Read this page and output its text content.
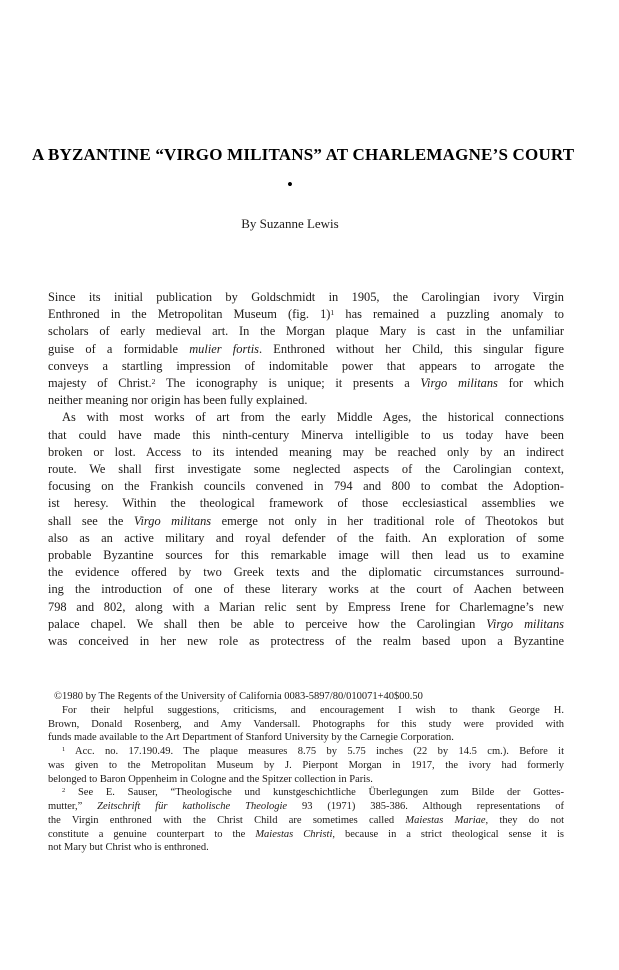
A BYZANTINE “VIRGO MILITANS” AT CHARLEMAGNE’S COURT
•
By Suzanne Lewis
Since its initial publication by Goldschmidt in 1905, the Carolingian ivory Virgin
Enthroned in the Metropolitan Museum (fig. 1)$^1$ has remained a puzzling anomaly to
scholars of early medieval art. In the Morgan plaque Mary is cast in the unfamiliar
guise of a formidable mulier fortis. Enthroned without her Child, this singular figure
conveys a startling impression of indomitable power that appears to arrogate the
majesty of Christ.$^2$ The iconography is unique; it presents a Virgo militans for which
neither meaning nor origin has been fully explained.
As with most works of art from the early Middle Ages, the historical connections
that could have made this ninth-century Minerva intelligible to us today have been
broken or lost. Access to its intended meaning may be reached only by an indirect
route. We shall first investigate some neglected aspects of the Carolingian context,
focusing on the Frankish councils convened in 794 and 800 to combat the Adoption-
ist heresy. Within the theological framework of those ecclesiastical assemblies we
shall see the Virgo militans emerge not only in her traditional role of Theotokos but
also as an active military and royal defender of the faith. An exploration of some
probable Byzantine sources for this remarkable image will then lead us to examine
the evidence offered by two Greek texts and the diplomatic circumstances surround-
ing the introduction of one of these literary works at the court of Aachen between
798 and 802, along with a Marian relic sent by Empress Irene for Charlemagne’s new
palace chapel. We shall then be able to perceive how the Carolingian Virgo militans
was conceived in her new role as protectress of the realm based upon a Byzantine
©1980 by The Regents of the University of California 0083-5897/80/010071+40$00.50
For their helpful suggestions, criticisms, and encouragement I wish to thank George H.
Brown, Donald Rosenberg, and Amy Vandersall. Photographs for this study were provided with
funds made available to the Art Department of Stanford University by the Carnegie Corporation.
$^1$ Acc. no. 17.190.49. The plaque measures 8.75 by 5.75 inches (22 by 14.5 cm.). Before it
was given to the Metropolitan Museum by J. Pierpont Morgan in 1917, the ivory had formerly
belonged to Baron Oppenheim in Cologne and the Spitzer collection in Paris.
$^2$ See E. Sauser, “Theologische und kunstgeschichtliche Überlegungen zum Bilde der Gottes-
mutter,” Zeitschrift für katholische Theologie 93 (1971) 385-386. Although representations of
the Virgin enthroned with the Christ Child are sometimes called Maiestas Mariae, they do not
constitute a genuine counterpart to the Maiestas Christi, because in a strict theological sense it is
not Mary but Christ who is enthroned.
